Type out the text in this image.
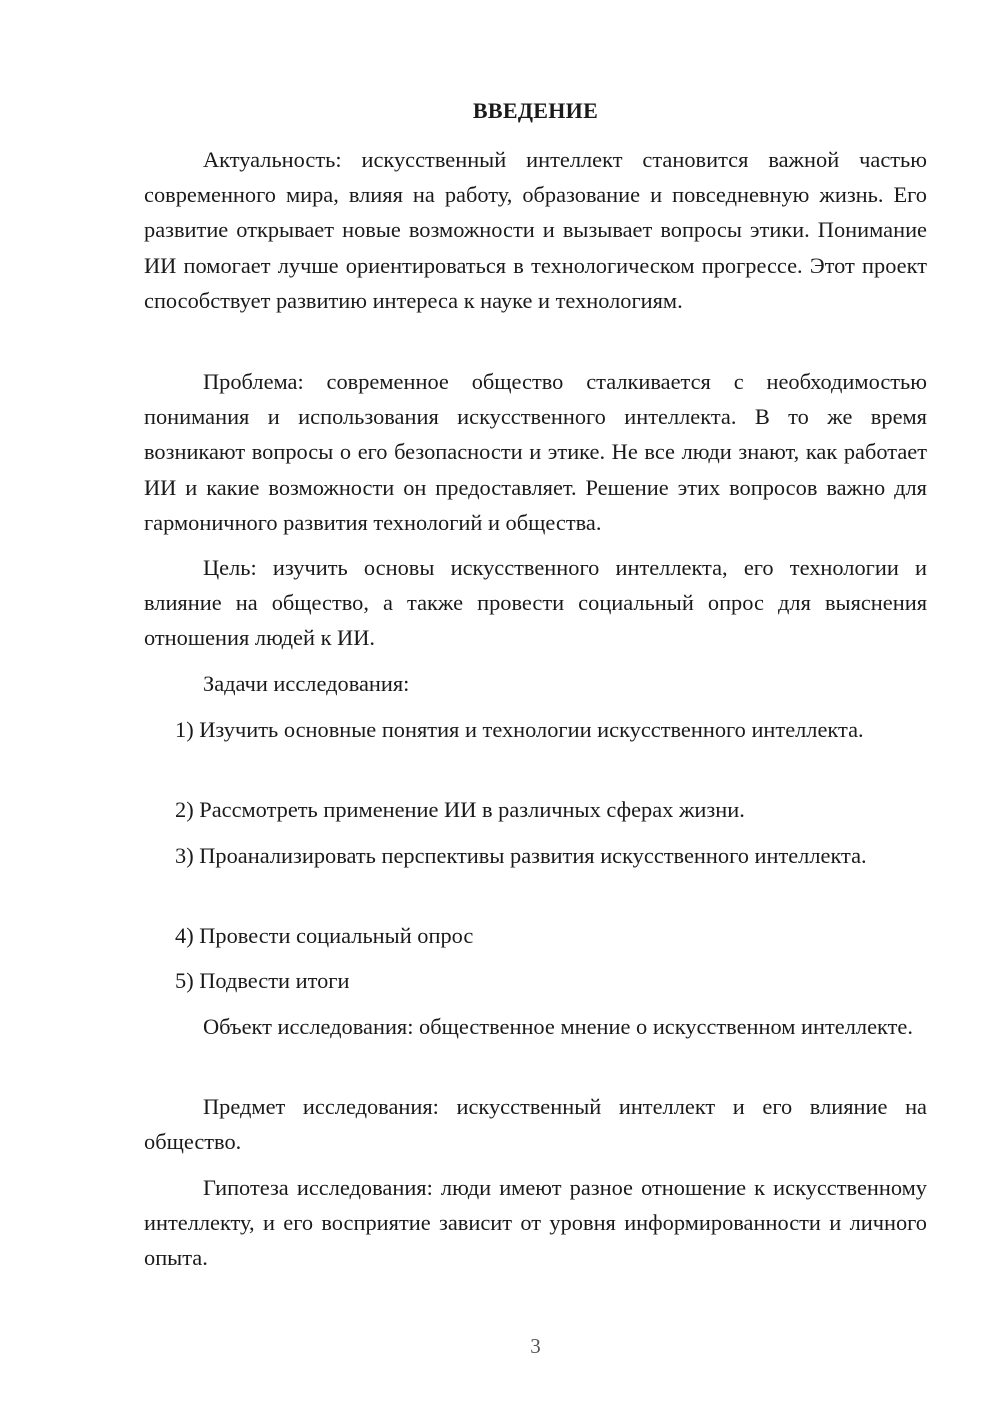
ВВЕДЕНИЕ

Актуальность: искусственный интеллект становится важной частью современного мира, влияя на работу, образование и повседневную жизнь. Его развитие открывает новые возможности и вызывает вопросы этики. Понимание ИИ помогает лучше ориентироваться в технологическом прогрессе. Этот проект способствует развитию интереса к науке и технологиям.

Проблема: современное общество сталкивается с необходимостью понимания и использования искусственного интеллекта. В то же время возникают вопросы о его безопасности и этике. Не все люди знают, как работает ИИ и какие возможности он предоставляет. Решение этих вопросов важно для гармоничного развития технологий и общества.

Цель: изучить основы искусственного интеллекта, его технологии и влияние на общество, а также провести социальный опрос для выяснения отношения людей к ИИ.

Задачи исследования:

1) Изучить основные понятия и технологии искусственного интеллекта.

2) Рассмотреть применение ИИ в различных сферах жизни.

3) Проанализировать перспективы развития искусственного интеллекта.

4) Провести социальный опрос

5) Подвести итоги

Объект исследования: общественное мнение о искусственном интеллекте.

Предмет исследования: искусственный интеллект и его влияние на общество.

Гипотеза исследования: люди имеют разное отношение к искусственному интеллекту, и его восприятие зависит от уровня информированности и личного опыта.

3
